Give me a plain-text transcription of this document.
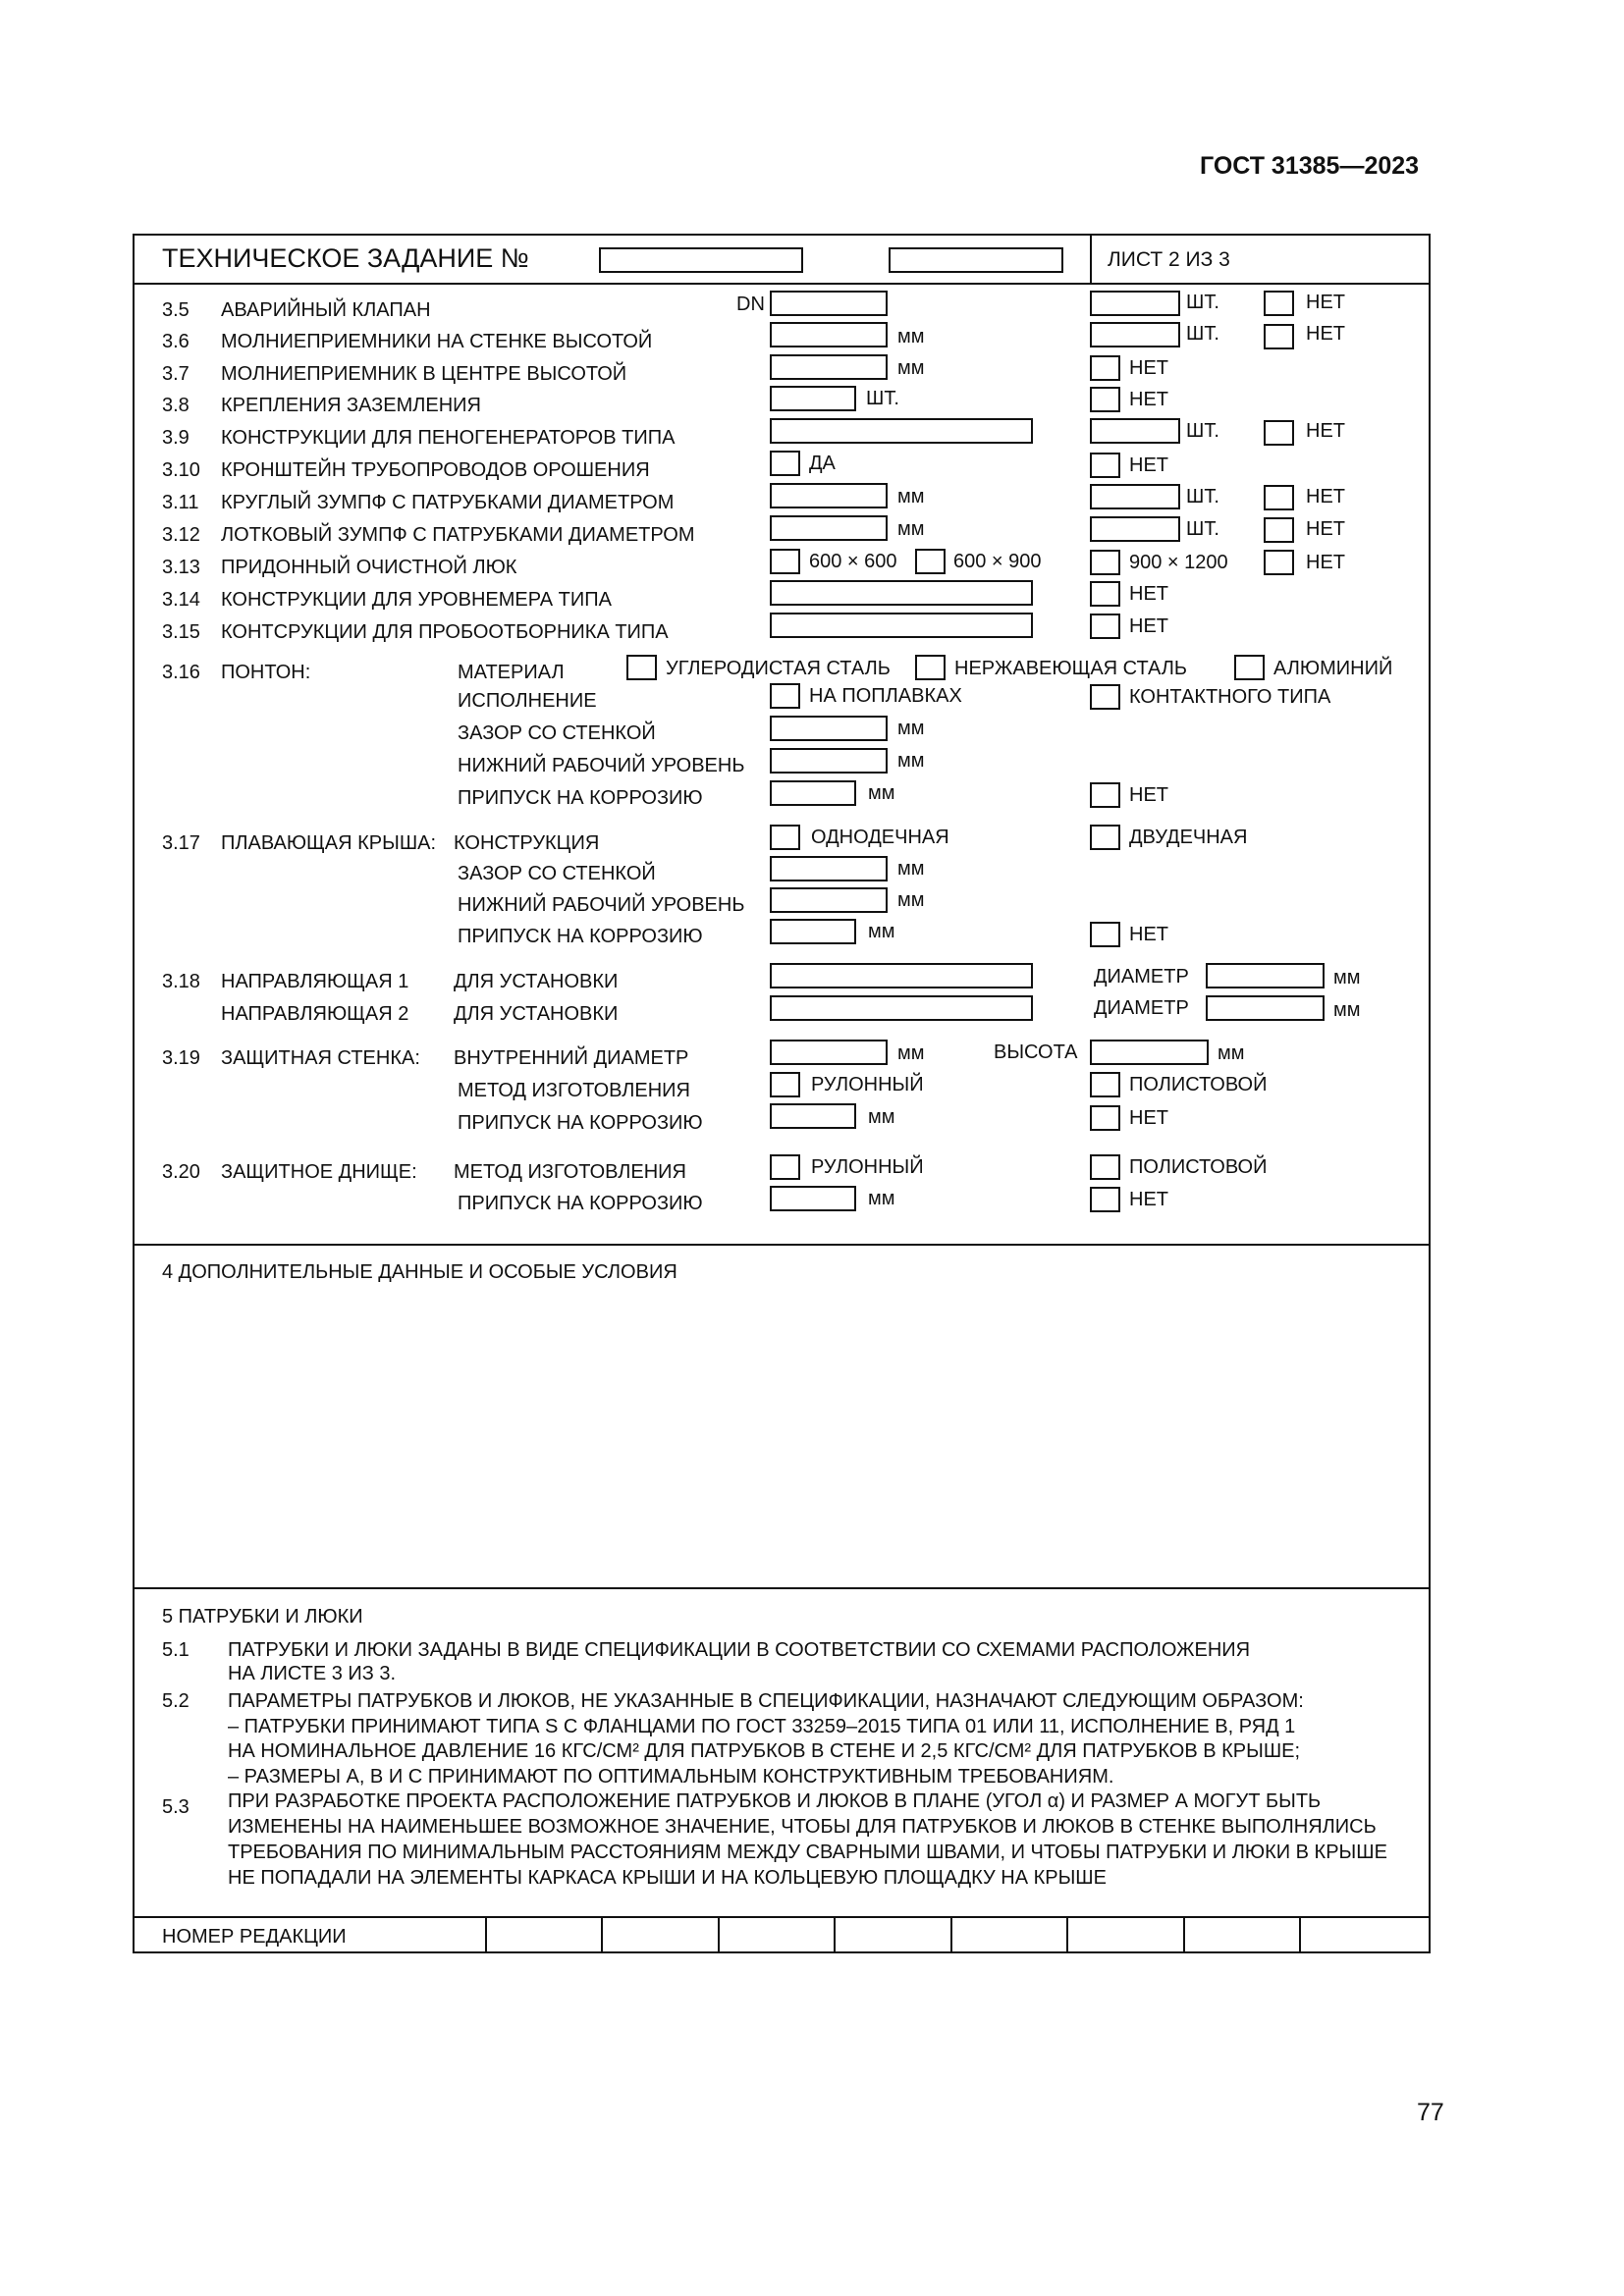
ГОСТ 31385—2023
ТЕХНИЧЕСКОЕ ЗАДАНИЕ №	ЛИСТ 2 ИЗ 3
3.5 АВАРИЙНЫЙ КЛАПАН	DN	ШТ.	НЕТ
3.6 МОЛНИЕПРИЕМНИКИ НА СТЕНКЕ ВЫСОТОЙ	мм	ШТ.	НЕТ
3.7 МОЛНИЕПРИЕМНИК В ЦЕНТРЕ ВЫСОТОЙ	мм	НЕТ
3.8 КРЕПЛЕНИЯ ЗАЗЕМЛЕНИЯ	ШТ.	НЕТ
3.9 КОНСТРУКЦИИ ДЛЯ ПЕНОГЕНЕРАТОРОВ ТИПА	ШТ.	НЕТ
3.10 КРОНШТЕЙН ТРУБОПРОВОДОВ ОРОШЕНИЯ	ДА	НЕТ
3.11 КРУГЛЫЙ ЗУМПФ С ПАТРУБКАМИ ДИАМЕТРОМ	мм	ШТ.	НЕТ
3.12 ЛОТКОВЫЙ ЗУМПФ С ПАТРУБКАМИ ДИАМЕТРОМ	мм	ШТ.	НЕТ
3.13 ПРИДОННЫЙ ОЧИСТНОЙ ЛЮК	600 × 600	600 × 900	900 × 1200	НЕТ
3.14 КОНСТРУКЦИИ ДЛЯ УРОВНЕМЕРА ТИПА	НЕТ
3.15 КОНТСРУКЦИИ ДЛЯ ПРОБООТБОРНИКА ТИПА	НЕТ
3.16 ПОНТОН:	МАТЕРИАЛ	УГЛЕРОДИСТАЯ СТАЛЬ	НЕРЖАВЕЮЩАЯ СТАЛЬ	АЛЮМИНИЙ
ИСПОЛНЕНИЕ	НА ПОПЛАВКАХ	КОНТАКТНОГО ТИПА
ЗАЗОР СО СТЕНКОЙ	мм
НИЖНИЙ РАБОЧИЙ УРОВЕНЬ	мм
ПРИПУСК НА КОРРОЗИЮ	мм	НЕТ
3.17 ПЛАВАЮЩАЯ КРЫША: КОНСТРУКЦИЯ	ОДНОДЕЧНАЯ	ДВУДЕЧНАЯ
ЗАЗОР СО СТЕНКОЙ	мм
НИЖНИЙ РАБОЧИЙ УРОВЕНЬ	мм
ПРИПУСК НА КОРРОЗИЮ	мм	НЕТ
3.18 НАПРАВЛЯЮЩАЯ 1 ДЛЯ УСТАНОВКИ	ДИАМЕТР	мм
НАПРАВЛЯЮЩАЯ 2 ДЛЯ УСТАНОВКИ	ДИАМЕТР	мм
3.19 ЗАЩИТНАЯ СТЕНКА: ВНУТРЕННИЙ ДИАМЕТР	мм	ВЫСОТА	мм
МЕТОД ИЗГОТОВЛЕНИЯ	РУЛОННЫЙ	ПОЛИСТОВОЙ
ПРИПУСК НА КОРРОЗИЮ	мм	НЕТ
3.20 ЗАЩИТНОЕ ДНИЩЕ: МЕТОД ИЗГОТОВЛЕНИЯ	РУЛОННЫЙ	ПОЛИСТОВОЙ
ПРИПУСК НА КОРРОЗИЮ	мм	НЕТ
4 ДОПОЛНИТЕЛЬНЫЕ ДАННЫЕ И ОСОБЫЕ УСЛОВИЯ
5 ПАТРУБКИ И ЛЮКИ
5.1 ПАТРУБКИ И ЛЮКИ ЗАДАНЫ В ВИДЕ СПЕЦИФИКАЦИИ В СООТВЕТСТВИИ СО СХЕМАМИ РАСПОЛОЖЕНИЯ
НА ЛИСТЕ 3 ИЗ 3.
5.2 ПАРАМЕТРЫ ПАТРУБКОВ И ЛЮКОВ, НЕ УКАЗАННЫЕ В СПЕЦИФИКАЦИИ, НАЗНАЧАЮТ СЛЕДУЮЩИМ ОБРАЗОМ:
– ПАТРУБКИ ПРИНИМАЮТ ТИПА S С ФЛАНЦАМИ ПО ГОСТ 33259–2015 ТИПА 01 ИЛИ 11, ИСПОЛНЕНИЕ В, РЯД 1
НА НОМИНАЛЬНОЕ ДАВЛЕНИЕ 16 КГС/СМ² ДЛЯ ПАТРУБКОВ В СТЕНЕ И 2,5 КГС/СМ² ДЛЯ ПАТРУБКОВ В КРЫШЕ;
– РАЗМЕРЫ А, В И С ПРИНИМАЮТ ПО ОПТИМАЛЬНЫМ КОНСТРУКТИВНЫМ ТРЕБОВАНИЯМ.
5.3 ПРИ РАЗРАБОТКЕ ПРОЕКТА РАСПОЛОЖЕНИЕ ПАТРУБКОВ И ЛЮКОВ В ПЛАНЕ (УГОЛ α) И РАЗМЕР А МОГУТ БЫТЬ
ИЗМЕНЕНЫ НА НАИМЕНЬШЕЕ ВОЗМОЖНОЕ ЗНАЧЕНИЕ, ЧТОБЫ ДЛЯ ПАТРУБКОВ И ЛЮКОВ В СТЕНКЕ ВЫПОЛНЯЛИСЬ
ТРЕБОВАНИЯ ПО МИНИМАЛЬНЫМ РАССТОЯНИЯМ МЕЖДУ СВАРНЫМИ ШВАМИ, И ЧТОБЫ ПАТРУБКИ И ЛЮКИ В КРЫШЕ
НЕ ПОПАДАЛИ НА ЭЛЕМЕНТЫ КАРКАСА КРЫШИ И НА КОЛЬЦЕВУЮ ПЛОЩАДКУ НА КРЫШЕ
НОМЕР РЕДАКЦИИ
77
